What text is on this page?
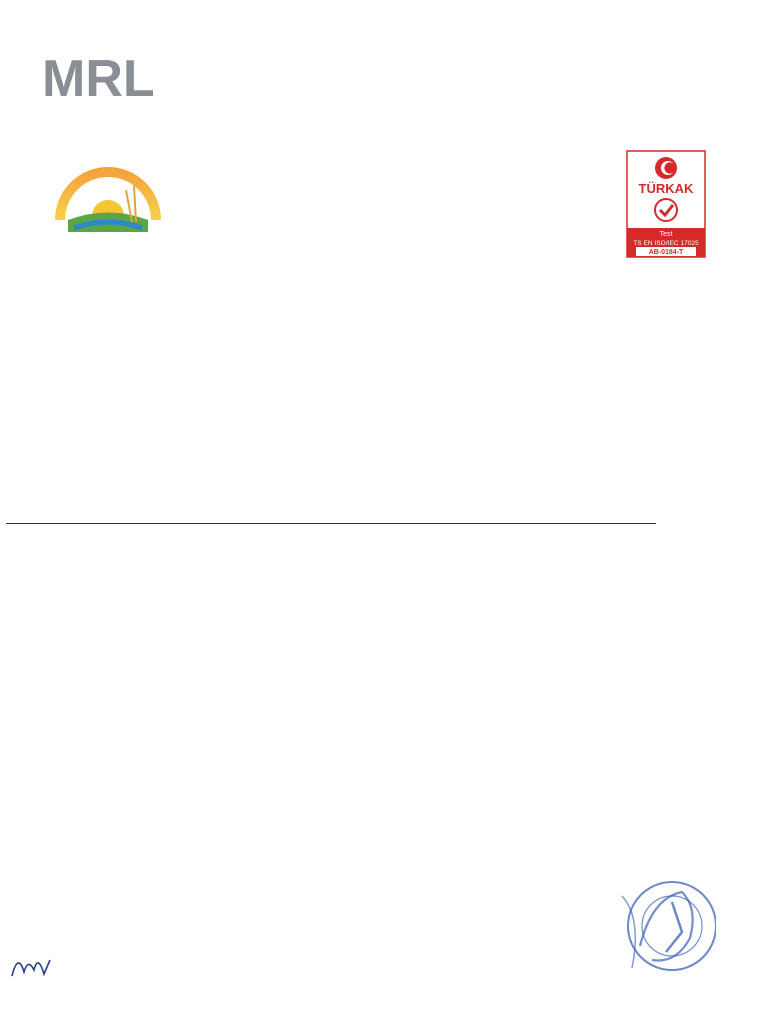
MRL
TÜRKAK
Test
TS EN ISO/IEC 17025
AB-0184-T
